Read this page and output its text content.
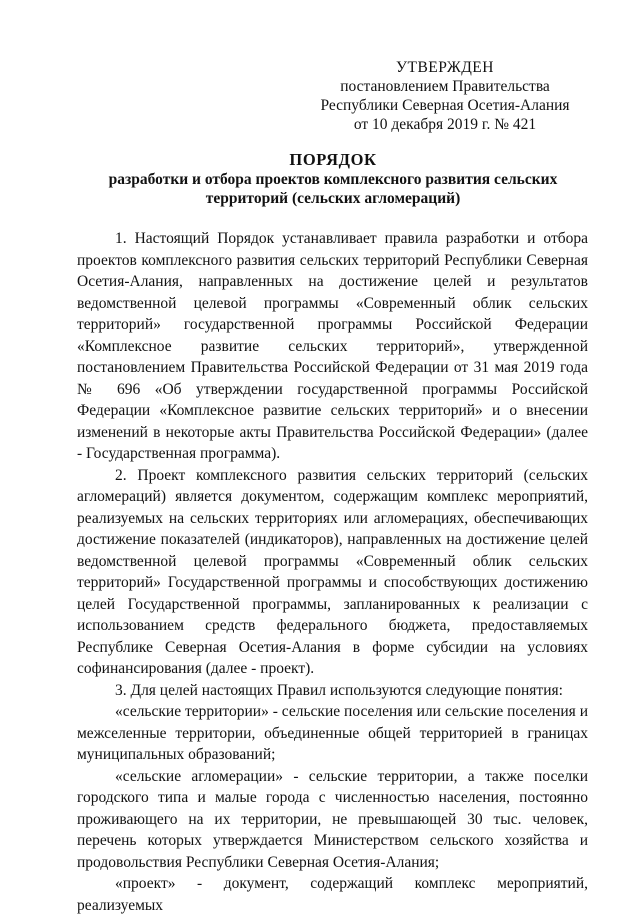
УТВЕРЖДЕН
постановлением Правительства
Республики Северная Осетия-Алания
от 10 декабря 2019 г. № 421
ПОРЯДОК
разработки и отбора проектов комплексного развития сельских территорий (сельских агломераций)

1. Настоящий Порядок устанавливает правила разработки и отбора проектов комплексного развития сельских территорий Республики Северная Осетия-Алания, направленных на достижение целей и результатов ведомственной целевой программы «Современный облик сельских территорий» государственной программы Российской Федерации «Комплексное развитие сельских территорий», утвержденной постановлением Правительства Российской Федерации от 31 мая 2019 года № 696 «Об утверждении государственной программы Российской Федерации «Комплексное развитие сельских территорий» и о внесении изменений в некоторые акты Правительства Российской Федерации» (далее - Государственная программа).

2. Проект комплексного развития сельских территорий (сельских агломераций) является документом, содержащим комплекс мероприятий, реализуемых на сельских территориях или агломерациях, обеспечивающих достижение показателей (индикаторов), направленных на достижение целей ведомственной целевой программы «Современный облик сельских территорий» Государственной программы и способствующих достижению целей Государственной программы, запланированных к реализации с использованием средств федерального бюджета, предоставляемых Республике Северная Осетия-Алания в форме субсидии на условиях софинансирования (далее - проект).

3. Для целей настоящих Правил используются следующие понятия:

«сельские территории» - сельские поселения или сельские поселения и межселенные территории, объединенные общей территорией в границах муниципальных образований;

«сельские агломерации» - сельские территории, а также поселки городского типа и малые города с численностью населения, постоянно проживающего на их территории, не превышающей 30 тыс. человек, перечень которых утверждается Министерством сельского хозяйства и продовольствия Республики Северная Осетия-Алания;

«проект» - документ, содержащий комплекс мероприятий, реализуемых
